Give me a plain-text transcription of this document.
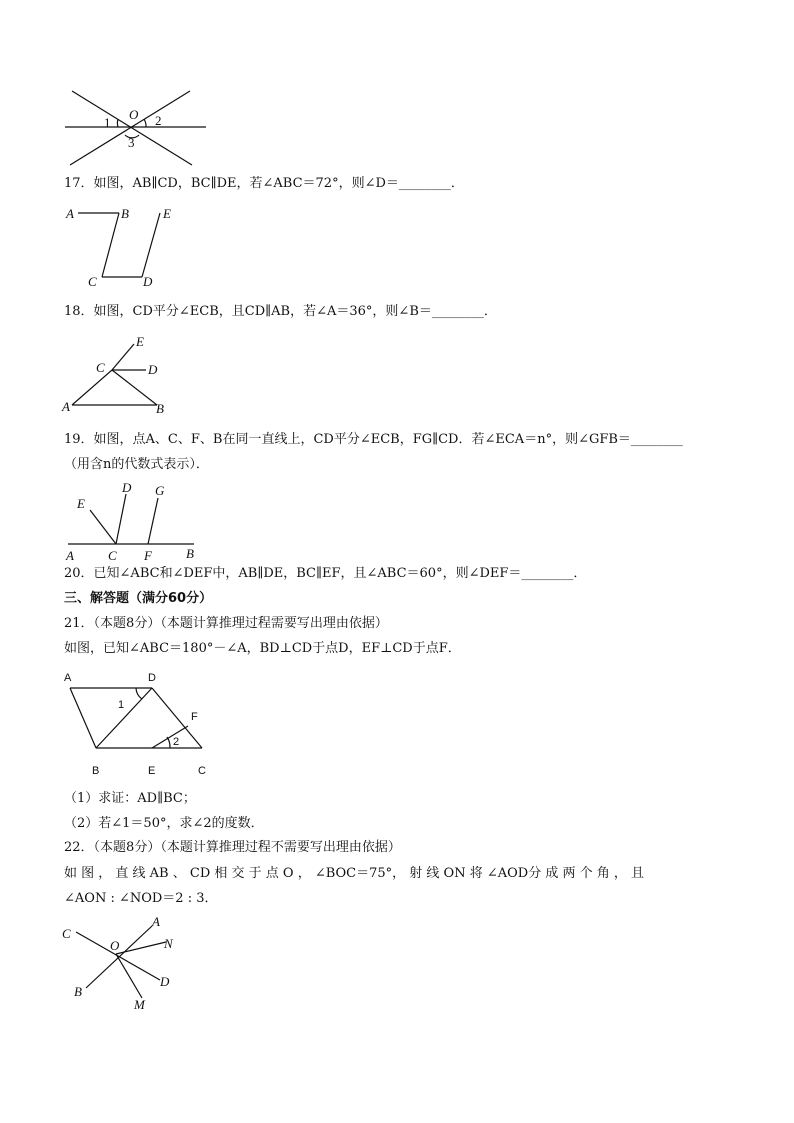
O
1	2
3
17．如图，AB∥CD，BC∥DE，若∠ABC＝72°，则∠D＝________．
A	B
C	D
E
18．如图，CD平分∠ECB，且CD∥AB，若∠A＝36°，则∠B＝________．
A	B
C	D
E
19．如图，点A、C、F、B在同一直线上，CD平分∠ECB，FG∥CD．若∠ECA＝n°，则∠GFB＝________
（用含n的代数式表示）．
A	C F	B
E
D G
20．已知∠ABC和∠DEF中，AB∥DE，BC∥EF，且∠ABC＝60°，则∠DEF＝________．
三、解答题（满分60分）
21．（本题8分）（本题计算推理过程需要写出理由依据）
如图，已知∠ABC＝180°－∠A，BD⊥CD于点D，EF⊥CD于点F．
A	D
F
B	E	C
1
2
（1）求证：AD∥BC；
（2）若∠1＝50°，求∠2的度数．
22．（本题8分）（本题计算推理过程不需要写出理由依据）
如 图 ， 直 线 AB 、 CD 相 交 于 点 O ， ∠BOC＝75°， 射 线 ON 将 ∠AOD分 成 两 个 角 ， 且
∠AON : ∠NOD＝2 : 3．
C
O
A
N
D
B
M
